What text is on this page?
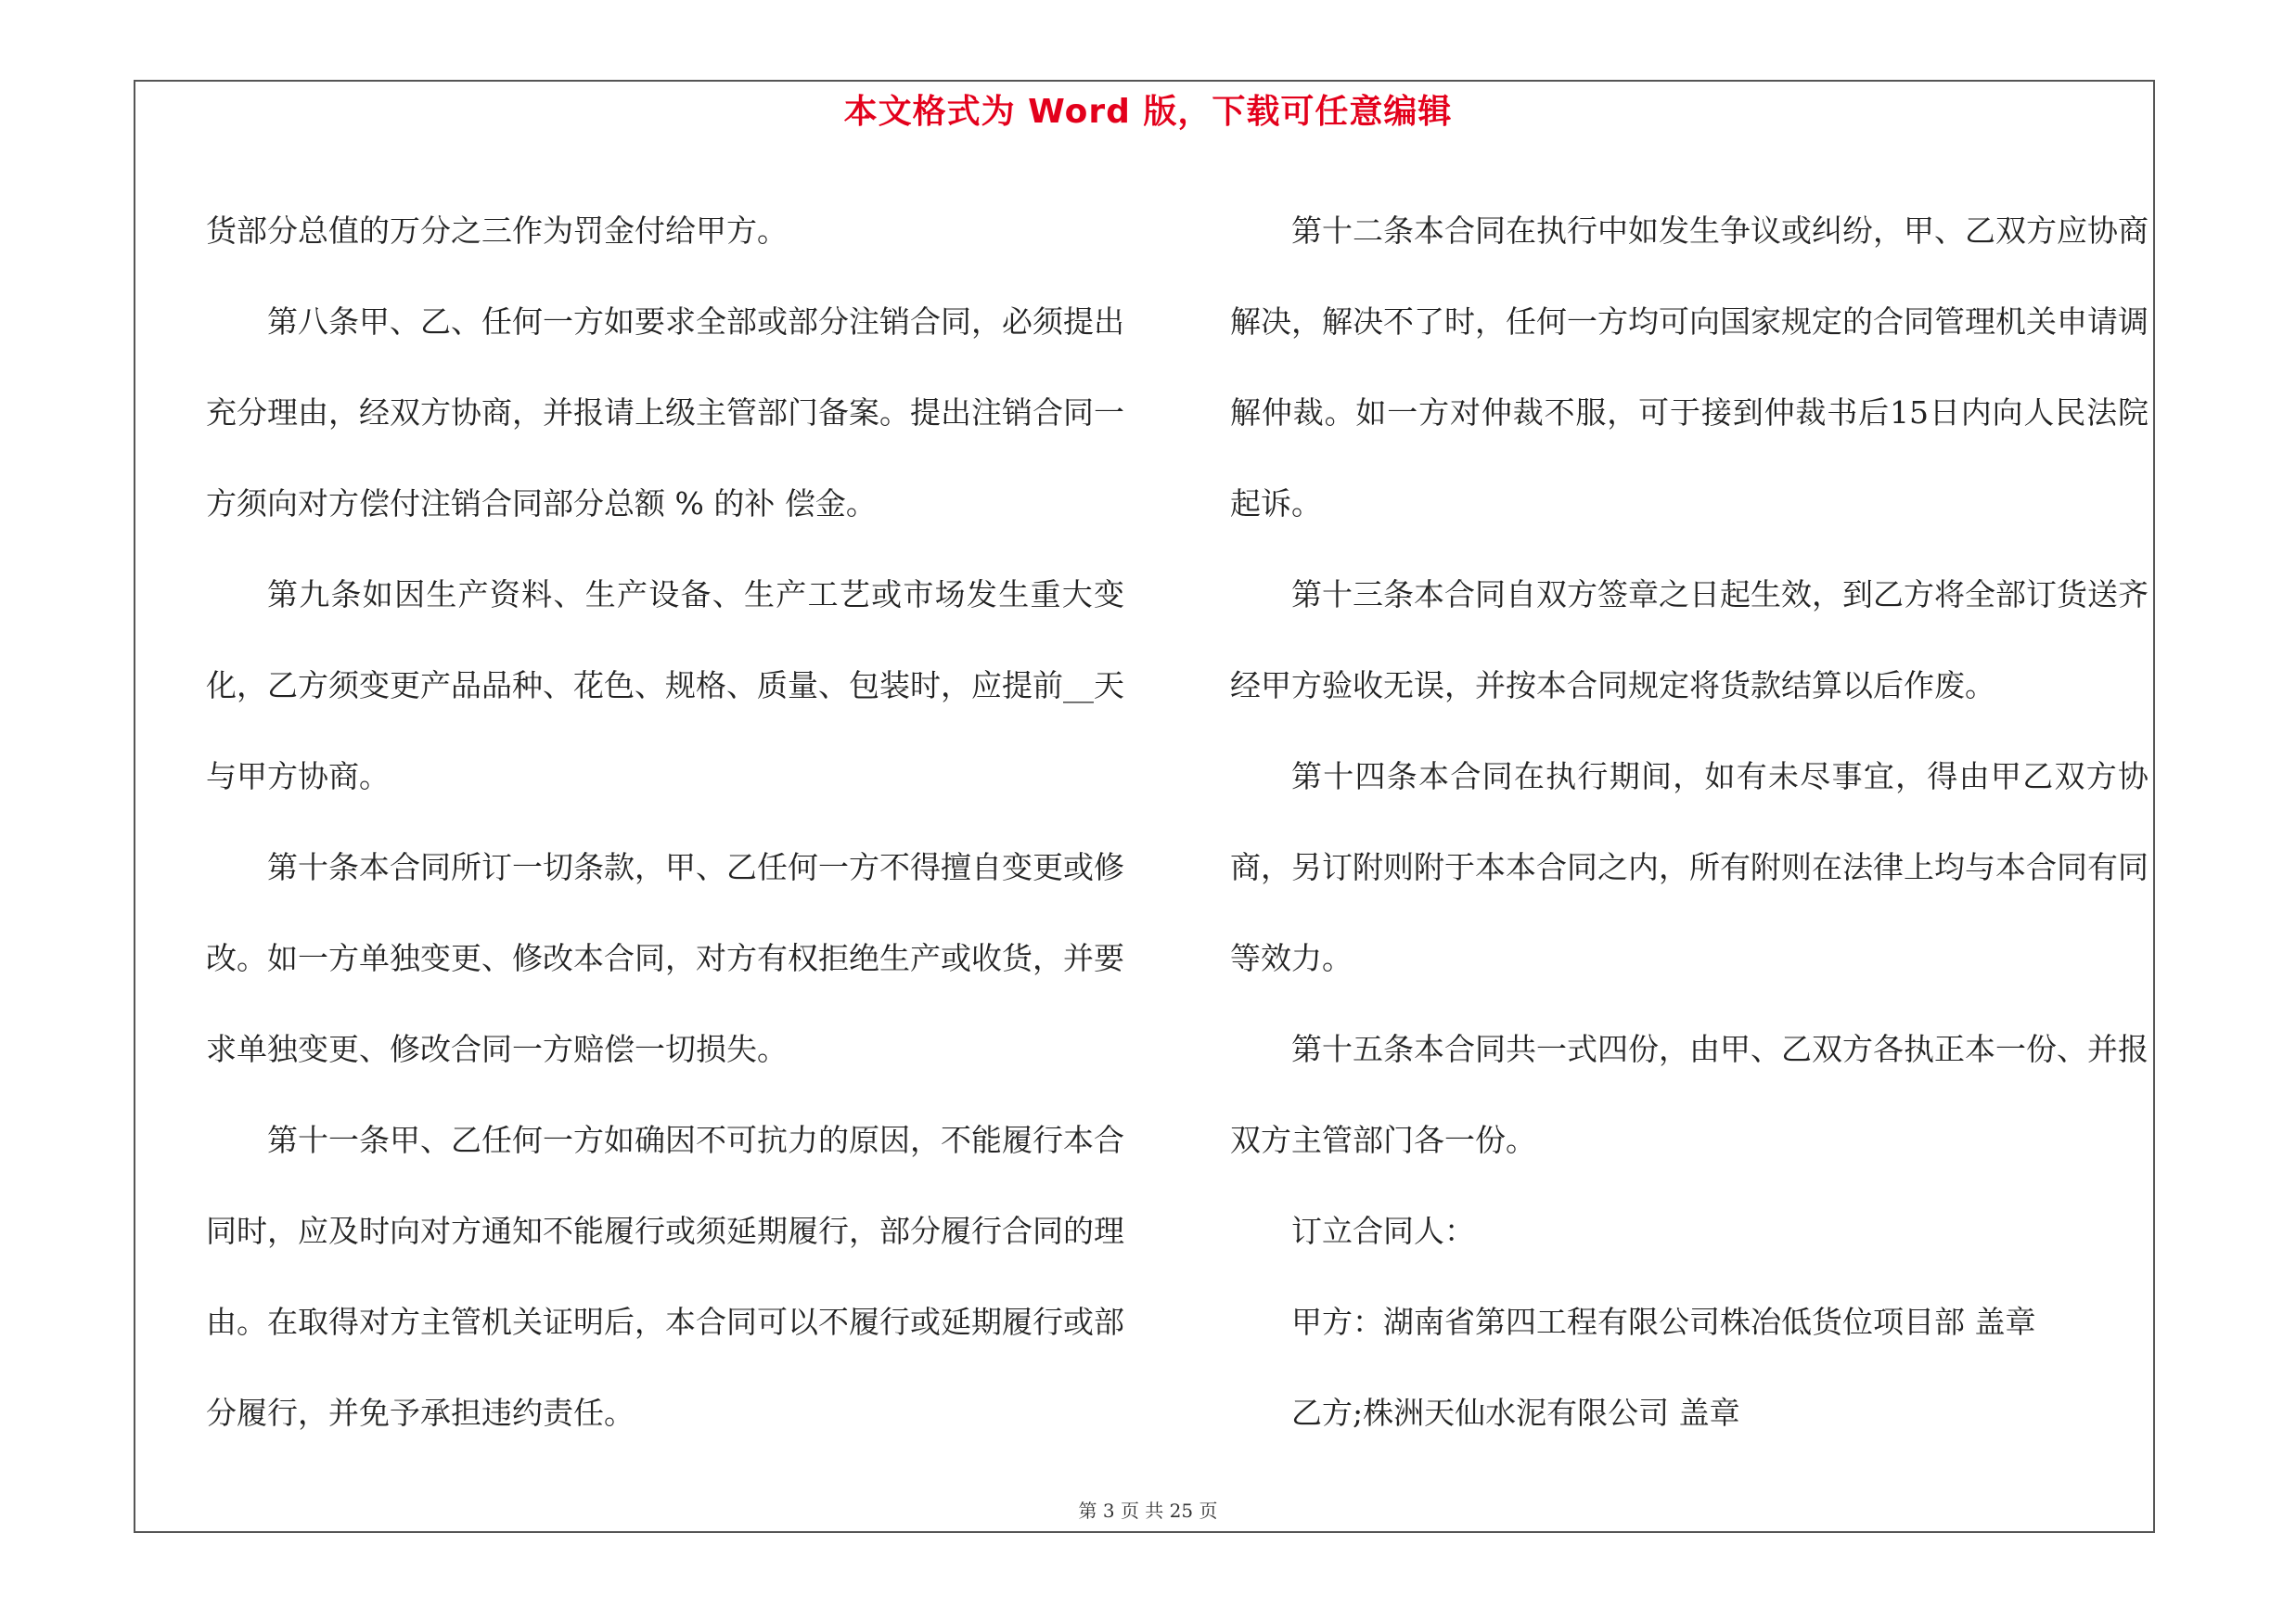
本文格式为 Word 版，下载可任意编辑

货部分总值的万分之三作为罚金付给甲方。

第八条甲、乙、任何一方如要求全部或部分注销合同，必须提出充分理由，经双方协商，并报请上级主管部门备案。提出注销合同一方须向对方偿付注销合同部分总额 % 的补 偿金。

第九条如因生产资料、生产设备、生产工艺或市场发生重大变化，乙方须变更产品品种、花色、规格、质量、包装时，应提前__天与甲方协商。

第十条本合同所订一切条款，甲、乙任何一方不得擅自变更或修改。如一方单独变更、修改本合同，对方有权拒绝生产或收货，并要求单独变更、修改合同一方赔偿一切损失。

第十一条甲、乙任何一方如确因不可抗力的原因，不能履行本合同时，应及时向对方通知不能履行或须延期履行，部分履行合同的理由。在取得对方主管机关证明后，本合同可以不履行或延期履行或部分履行，并免予承担违约责任。

第十二条本合同在执行中如发生争议或纠纷，甲、乙双方应协商解决，解决不了时，任何一方均可向国家规定的合同管理机关申请调解仲裁。如一方对仲裁不服，可于接到仲裁书后15日内向人民法院起诉。

第十三条本合同自双方签章之日起生效，到乙方将全部订货送齐经甲方验收无误，并按本合同规定将货款结算以后作废。

第十四条本合同在执行期间，如有未尽事宜，得由甲乙双方协商，另订附则附于本本合同之内，所有附则在法律上均与本合同有同等效力。

第十五条本合同共一式四份，由甲、乙双方各执正本一份、并报双方主管部门各一份。

订立合同人：

甲方：湖南省第四工程有限公司株冶低货位项目部 盖章

乙方;株洲天仙水泥有限公司 盖章

第 3 页 共 25 页
